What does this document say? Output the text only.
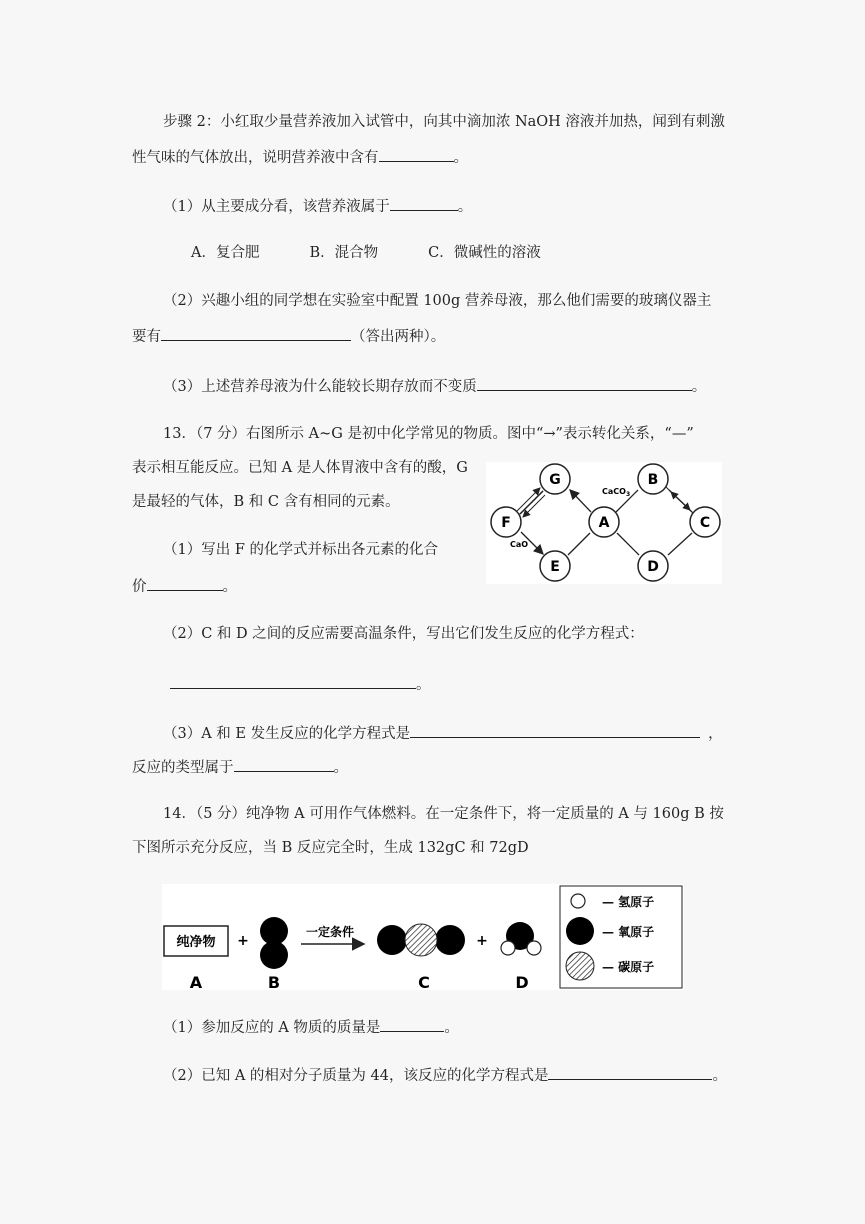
步骤 2：小红取少量营养液加入试管中，向其中滴加浓 NaOH 溶液并加热，闻到有刺激
性气味的气体放出，说明营养液中含有	。
（1）从主要成分看，该营养液属于	。
A．复合肥	B．混合物	C．微碱性的溶液
（2）兴趣小组的同学想在实验室中配置 100g 营养母液，那么他们需要的玻璃仪器主
要有	（答出两种）。
（3）上述营养母液为什么能较长期存放而不变质	。
13．（7 分）右图所示 A~G 是初中化学常见的物质。图中“→”表示转化关系，“—”
表示相互能反应。已知 A 是人体胃液中含有的酸，G
是最轻的气体，B 和 C 含有相同的元素。
G	B
F	A	C
E	D
CaCO$_3$
CaO
（1）写出 F 的化学式并标出各元素的化合
价	。
（2）C 和 D 之间的反应需要高温条件，写出它们发生反应的化学方程式：
。
（3）A 和 E 发生反应的化学方程式是	，
反应的类型属于	。
14．（5 分）纯净物 A 可用作气体燃料。在一定条件下，将一定质量的 A 与 160g B 按
下图所示充分反应，当 B 反应完全时，生成 132gC 和 72gD
纯净物 +
一定条件
+
A	B	C	D
— 氢原子
— 氧原子
— 碳原子
（1）参加反应的 A 物质的质量是	。
（2）已知 A 的相对分子质量为 44，该反应的化学方程式是	。
